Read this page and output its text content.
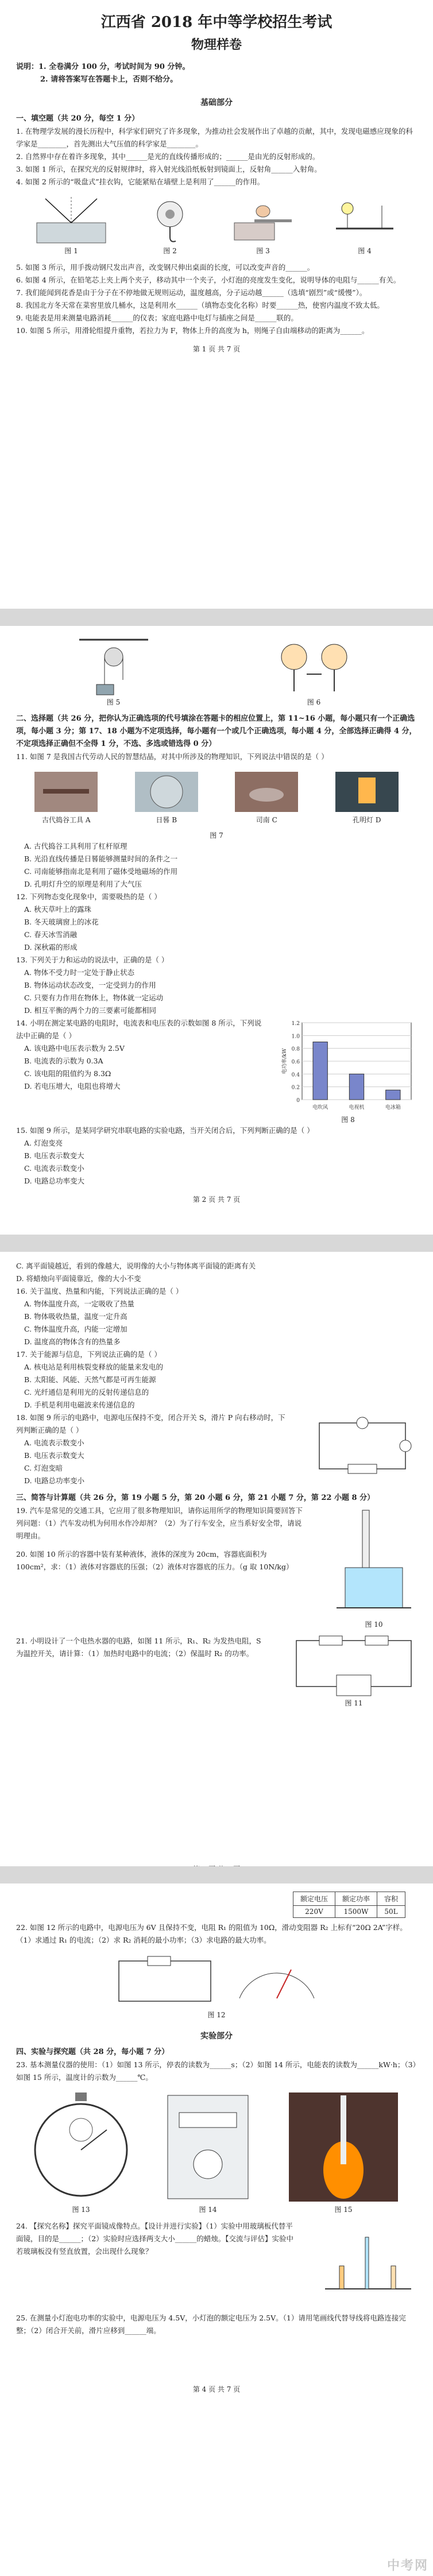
江西省 2018 年中等学校招生考试
物理样卷
说明：1. 全卷满分 100 分，考试时间为 90 分钟。
2. 请将答案写在答题卡上，否则不给分。
基础部分
一、填空题（共 20 分，每空 1 分）
1. 在物理学发展的漫长历程中，科学家们研究了许多现象，为推动社会发展作出了卓越的贡献，其中，发现电磁感应现象的科学家是________，首先测出大气压值的科学家是________。
2. 自然界中存在着许多现象，其中______是光的直线传播形成的；______是由光的反射形成的。
3. 如图 1 所示，在探究光的反射规律时，将入射光线沿纸板射到镜面上，反射角______入射角。
4. 如图 2 所示的“吸盘式”挂衣钩，它能紧贴在墙壁上是利用了______的作用。
图 1	图 2	图 3	图 4
5. 如图 3 所示，用手拨动钢尺发出声音，改变钢尺伸出桌面的长度，可以改变声音的______。
6. 如图 4 所示，在铅笔芯上夹上两个夹子，移动其中一个夹子，小灯泡的亮度发生变化，说明导体的电阻与______有关。
7. 我们能闻到花香是由于分子在不停地做无规则运动，温度越高，分子运动越______（选填“剧烈”或“缓慢”）。
8. 我国北方冬天常在菜窖里放几桶水，这是利用水______（填物态变化名称）时要______热，使窖内温度不致太低。
9. 电能表是用来测量电路消耗______的仪表；家庭电路中电灯与插座之间是______联的。
10. 如图 5 所示，用滑轮组提升重物，若拉力为 F，物体上升的高度为 h，则绳子自由端移动的距离为______。
第 1 页 共 7 页
图 5	图 6
二、选择题（共 26 分，把你认为正确选项的代号填涂在答题卡的相应位置上，第 11~16 小题，每小题只有一个正确选项，每小题 3 分；第 17、18 小题为不定项选择，每小题有一个或几个正确选项，每小题 4 分，全部选择正确得 4 分，不定项选择正确但不全得 1 分，不选、多选或错选得 0 分）
11. 如图 7 是我国古代劳动人民的智慧结晶，对其中所涉及的物理知识，下列说法中错误的是（ ）
古代捣谷工具 A	日晷 B	司南 C	孔明灯 D
图 7
A. 古代捣谷工具利用了杠杆原理
B. 光沿直线传播是日晷能够测量时间的条件之一
C. 司南能够指南北是利用了磁体受地磁场的作用
D. 孔明灯升空的原理是利用了大气压
12. 下列物态变化现象中，需要吸热的是（ ）
A. 秋天草叶上的露珠
B. 冬天玻璃窗上的冰花
C. 春天冰雪消融
D. 深秋霜的形成
13. 下列关于力和运动的说法中，正确的是（ ）
A. 物体不受力时一定处于静止状态
B. 物体运动状态改变，一定受到力的作用
C. 只要有力作用在物体上，物体就一定运动
D. 相互平衡的两个力的三要素可能都相同
14. 小明在测定某电路的电阻时，电流表和电压表的示数如图 8 所示，下列说法中正确的是（ ）
A. 该电路中电压表示数为 2.5V
B. 电流表的示数为 0.3A
C. 该电阻的阻值约为 8.3Ω
D. 若电压增大，电阻也将增大
0
0.2
0.4
0.6
0.8
1.0
1.2
电吹风	电视机	电冰箱
电功率/kW
图 8
15. 如图 9 所示，是某同学研究串联电路的实验电路，当开关闭合后，下列判断正确的是（ ）
A. 灯泡变亮
B. 电压表示数变大
C. 电流表示数变小
D. 电路总功率变大
第 2 页 共 7 页
C. 离平面镜越近，看到的像越大，说明像的大小与物体离平面镜的距离有关
D. 将蜡烛向平面镜靠近，像的大小不变
16. 关于温度、热量和内能，下列说法正确的是（ ）
A. 物体温度升高，一定吸收了热量
B. 物体吸收热量，温度一定升高
C. 物体温度升高，内能一定增加
D. 温度高的物体含有的热量多
17. 关于能源与信息，下列说法正确的是（ ）
A. 核电站是利用核裂变释放的能量来发电的
B. 太阳能、风能、天然气都是可再生能源
C. 光纤通信是利用光的反射传递信息的
D. 手机是利用电磁波来传递信息的
18. 如图 9 所示的电路中，电源电压保持不变，闭合开关 S，滑片 P 向右移动时，下列判断正确的是（ ）
A. 电流表示数变小
B. 电压表示数变大
C. 灯泡变暗
D. 电路总功率变小
三、简答与计算题（共 26 分，第 19 小题 5 分，第 20 小题 6 分，第 21 小题 7 分，第 22 小题 8 分）
19. 汽车是常见的交通工具，它应用了很多物理知识，请你运用所学的物理知识简要回答下列问题：（1）汽车发动机为何用水作冷却剂？（2）为了行车安全，应当系好安全带，请说明理由。
20. 如图 10 所示的容器中装有某种液体，液体的深度为 20cm，容器底面积为 100cm²，求：（1）液体对容器底的压强；（2）液体对容器底的压力。（g 取 10N/kg）
图 10
21. 小明设计了一个电热水器的电路，如图 11 所示，R₁、R₂ 为发热电阻，S 为温控开关，请计算：（1）加热时电路中的电流；（2）保温时 R₂ 的功率。
图 11
额定电压	额定功率	容积
220V	1500W	50L
22. 如图 12 所示的电路中，电源电压为 6V 且保持不变，电阻 R₁ 的阻值为 10Ω，滑动变阻器 R₂ 上标有“20Ω 2A”字样。（1）求通过 R₁ 的电流；（2）求 R₂ 消耗的最小功率；（3）求电路的最大功率。
图 12
实验部分
四、实验与探究题（共 28 分，每小题 7 分）
23. 基本测量仪器的使用：（1）如图 13 所示，停表的读数为______s；（2）如图 14 所示，电能表的读数为______kW·h；（3）如图 15 所示，温度计的示数为______℃。
图 13	图 14	图 15
24. 【探究名称】探究平面镜成像特点。【设计并进行实验】（1）实验中用玻璃板代替平面镜，目的是______；（2）实验时应选择两支大小______的蜡烛。【交流与评估】实验中若玻璃板没有竖直放置，会出现什么现象？
25. 在测量小灯泡电功率的实验中，电源电压为 4.5V，小灯泡的额定电压为 2.5V。（1）请用笔画线代替导线将电路连接完整；（2）闭合开关前，滑片应移到______端。
第 4 页 共 7 页
中考网
